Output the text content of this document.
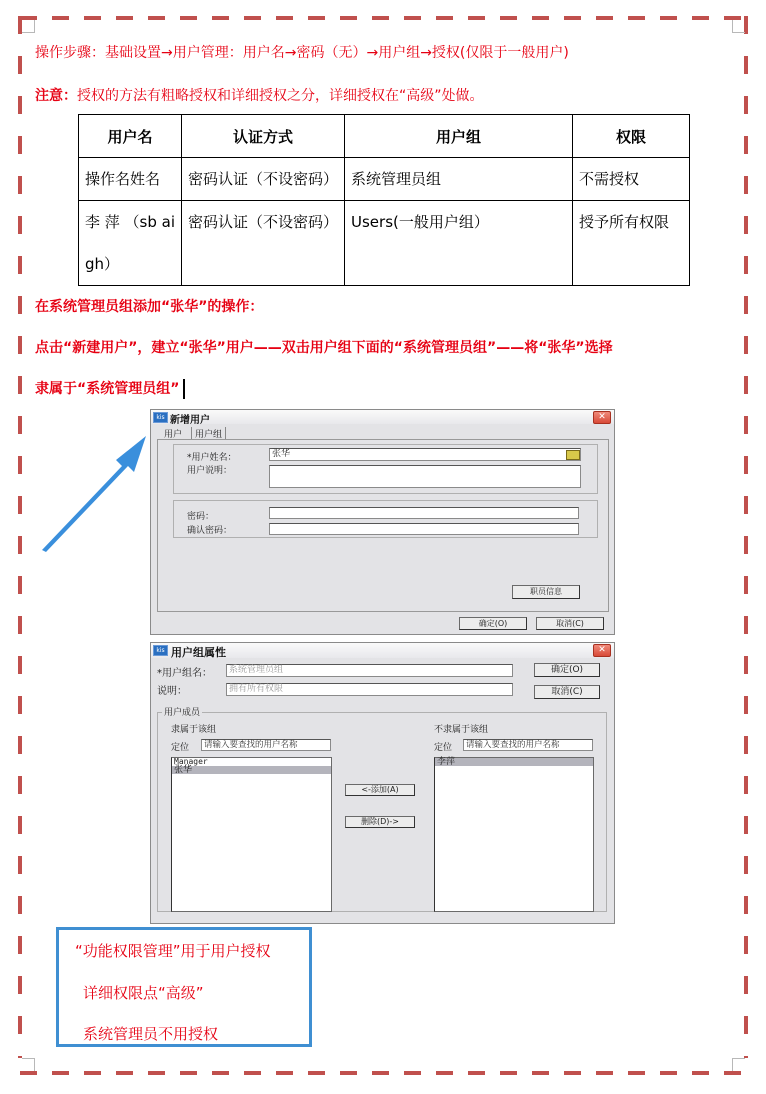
操作步骤：基础设置→用户管理：用户名→密码（无）→用户组→授权(仅限于一般用户)
注意：授权的方法有粗略授权和详细授权之分，详细授权在“高级”处做。
用户名	认证方式	用户组	权限
操作名姓名	密码认证（不设密码）	系统管理员组	不需授权
李 萍 （sb aigh）	密码认证（不设密码）	Users(一般用户组）	授予所有权限
在系统管理员组添加“张华”的操作：
点击“新建用户”，建立“张华”用户——双击用户组下面的“系统管理员组”——将“张华”选择
隶属于“系统管理员组”
kis 新增用户	✕
用户	用户组
*用户姓名：	张华
用户说明：
密码：
确认密码：
职员信息
确定(O)	取消(C)
kis 用户组属性	✕
*用户组名：	系统管理员组
说明：	拥有所有权限
确定(O)
取消(C)
用户成员
隶属于该组
定位	请输入要查找的用户名称
Manager
张华
<-添加(A)
删除(D)->
不隶属于该组
定位	请输入要查找的用户名称
李萍
“功能权限管理”用于用户授权
详细权限点“高级”
系统管理员不用授权
